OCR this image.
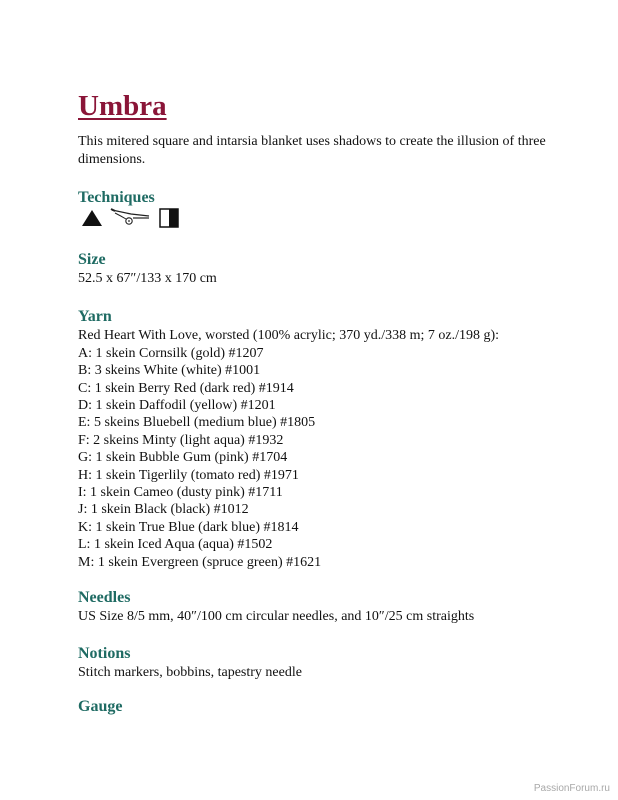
Umbra
This mitered square and intarsia blanket uses shadows to create the illusion of three dimensions.
Techniques
Size
52.5 x 67″/133 x 170 cm
Yarn
Red Heart With Love, worsted (100% acrylic; 370 yd./338 m; 7 oz./198 g):
A: 1 skein Cornsilk (gold) #1207
B: 3 skeins White (white) #1001
C: 1 skein Berry Red (dark red) #1914
D: 1 skein Daffodil (yellow) #1201
E: 5 skeins Bluebell (medium blue) #1805
F: 2 skeins Minty (light aqua) #1932
G: 1 skein Bubble Gum (pink) #1704
H: 1 skein Tigerlily (tomato red) #1971
I: 1 skein Cameo (dusty pink) #1711
J: 1 skein Black (black) #1012
K: 1 skein True Blue (dark blue) #1814
L: 1 skein Iced Aqua (aqua) #1502
M: 1 skein Evergreen (spruce green) #1621
Needles
US Size 8/5 mm, 40″/100 cm circular needles, and 10″/25 cm straights
Notions
Stitch markers, bobbins, tapestry needle
Gauge
PassionForum.ru
